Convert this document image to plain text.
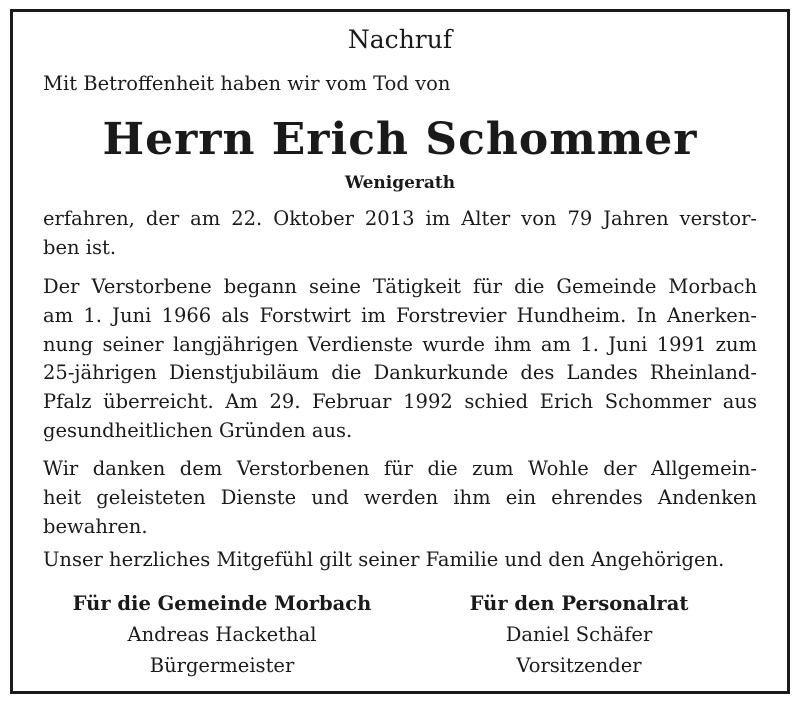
Nachruf
Mit Betroffenheit haben wir vom Tod von
Herrn Erich Schommer
Wenigerath
erfahren, der am 22. Oktober 2013 im Alter von 79 Jahren verstor-
ben ist.
Der Verstorbene begann seine Tätigkeit für die Gemeinde Morbach
am 1. Juni 1966 als Forstwirt im Forstrevier Hundheim. In Anerken-
nung seiner langjährigen Verdienste wurde ihm am 1. Juni 1991 zum
25-jährigen Dienstjubiläum die Dankurkunde des Landes Rheinland-
Pfalz überreicht. Am 29. Februar 1992 schied Erich Schommer aus
gesundheitlichen Gründen aus.
Wir danken dem Verstorbenen für die zum Wohle der Allgemein-
heit geleisteten Dienste und werden ihm ein ehrendes Andenken
bewahren.
Unser herzliches Mitgefühl gilt seiner Familie und den Angehörigen.
Für die Gemeinde Morbach
Andreas Hackethal
Bürgermeister
Für den Personalrat
Daniel Schäfer
Vorsitzender
